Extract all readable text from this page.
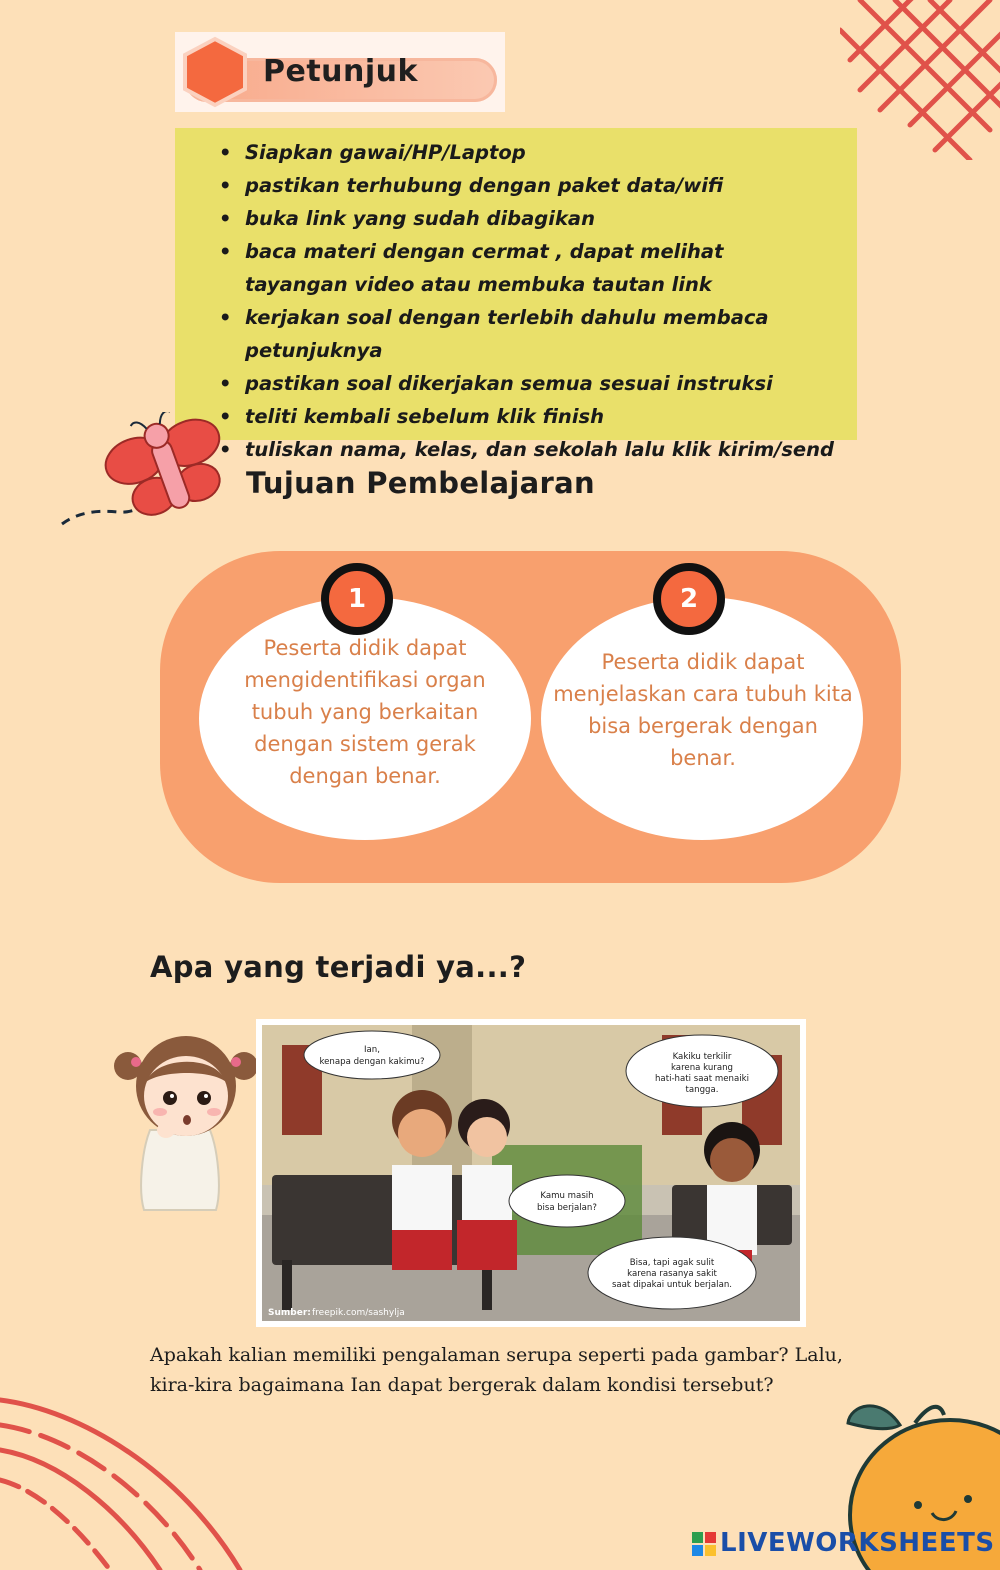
Petunjuk
• Siapkan gawai/HP/Laptop
• pastikan terhubung dengan paket data/wifi
• buka link yang sudah dibagikan
• baca materi dengan cermat , dapat melihat tayangan video atau membuka tautan link
• kerjakan soal dengan terlebih dahulu membaca petunjuknya
• pastikan soal dikerjakan semua sesuai instruksi
• teliti kembali sebelum klik finish
• tuliskan nama, kelas, dan sekolah lalu klik kirim/send
Tujuan Pembelajaran
1	2
Peserta didik dapat mengidentifikasi organ tubuh yang berkaitan dengan sistem gerak dengan benar.
Peserta didik dapat menjelaskan cara tubuh kita bisa bergerak dengan benar.
Apa yang terjadi ya...?
Ian,
kenapa dengan kakimu?	Kakiku terkilir
karena kurang
hati-hati saat menaiki
tangga.
Kamu masih
bisa berjalan?
Bisa, tapi agak sulit
karena rasanya sakit
saat dipakai untuk berjalan.
Sumber: freepik.com/sashylja
Apakah kalian memiliki pengalaman serupa seperti pada gambar? Lalu, kira-kira bagaimana Ian dapat bergerak dalam kondisi tersebut?
LIVEWORKSHEETS
